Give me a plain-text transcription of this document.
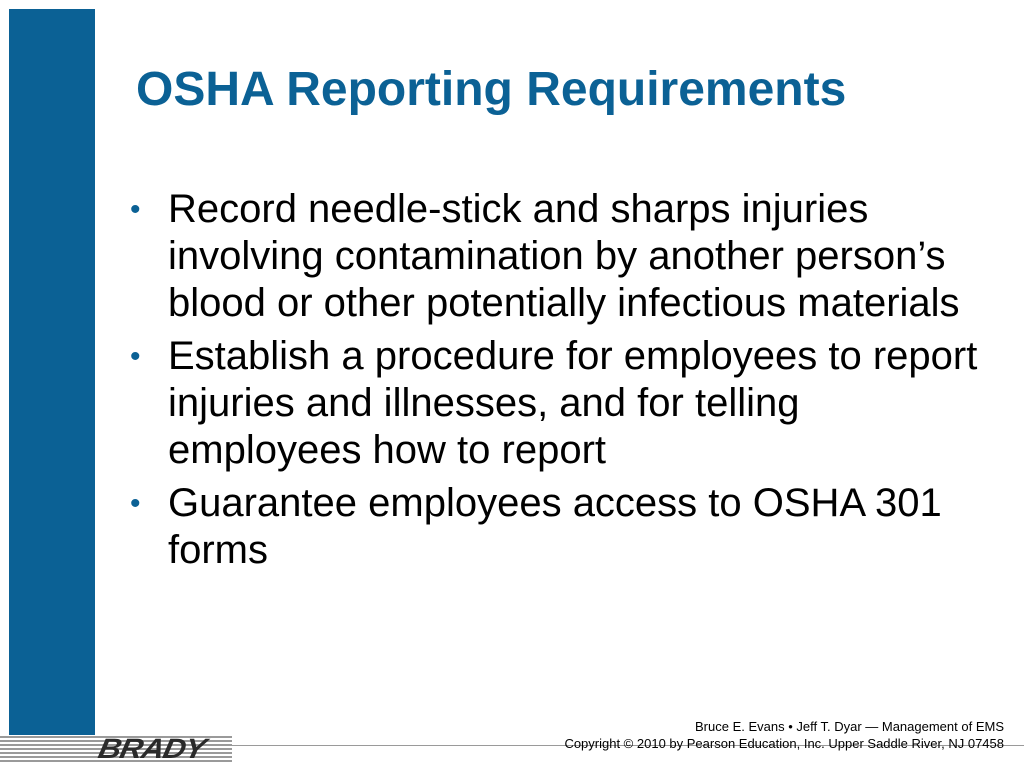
OSHA Reporting Requirements
• Record needle-stick and sharps injuries involving contamination by another person’s blood or other potentially infectious materials
• Establish a procedure for employees to report injuries and illnesses, and for telling employees how to report
• Guarantee employees access to OSHA 301 forms
BRADY
Bruce E. Evans • Jeff T. Dyar — Management of EMS
Copyright © 2010 by Pearson Education, Inc. Upper Saddle River, NJ 07458
